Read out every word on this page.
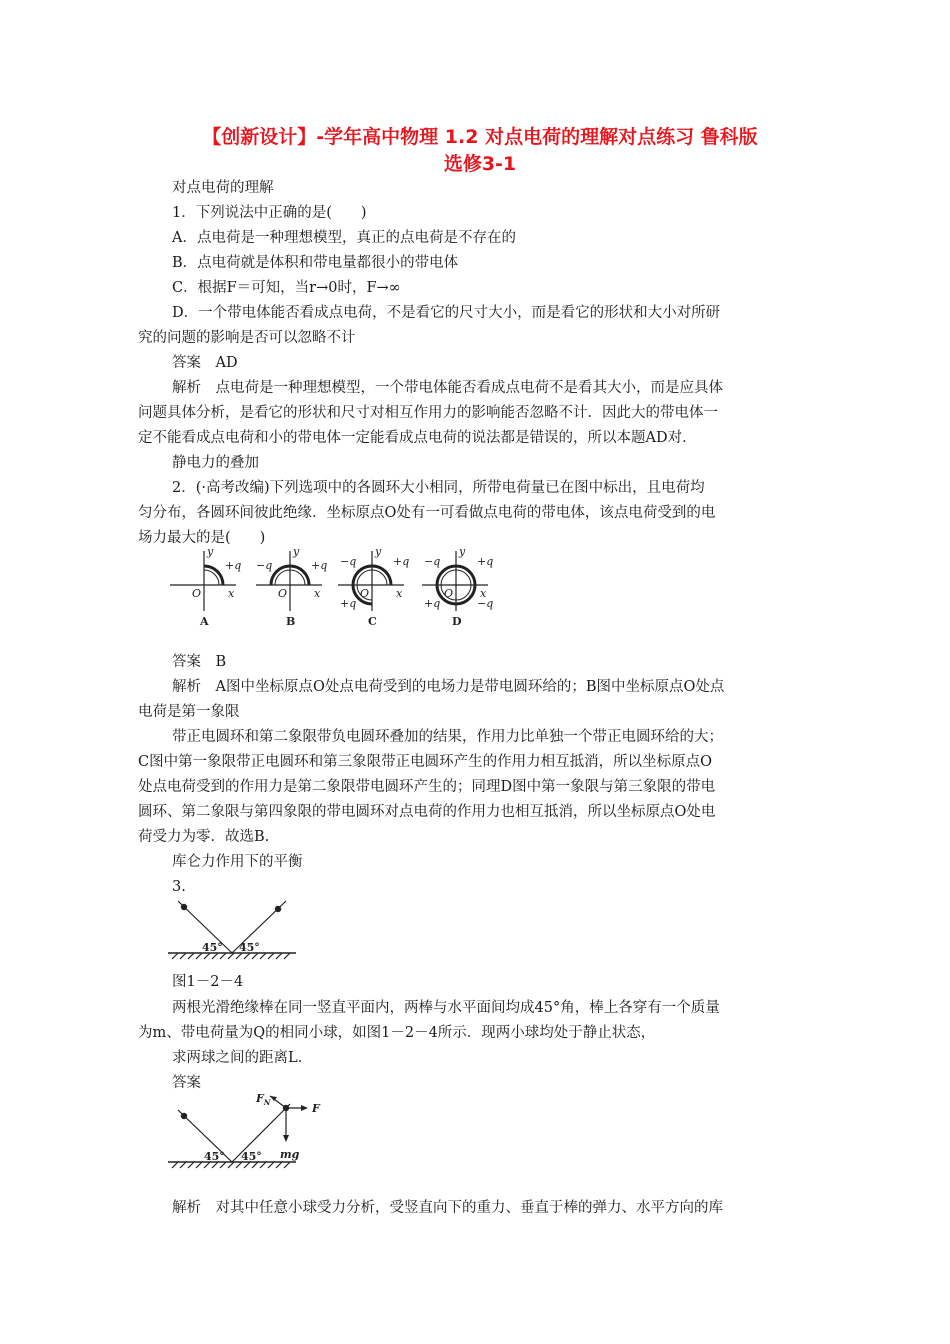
【创新设计】-学年高中物理 1.2 对点电荷的理解对点练习 鲁科版
选修3-1
对点电荷的理解
1．下列说法中正确的是(　　)
A．点电荷是一种理想模型，真正的点电荷是不存在的
B．点电荷就是体积和带电量都很小的带电体
C．根据F＝可知，当r→0时，F→∞
D．一个带电体能否看成点电荷，不是看它的尺寸大小，而是看它的形状和大小对所研
究的问题的影响是否可以忽略不计
答案　AD
解析　点电荷是一种理想模型，一个带电体能否看成点电荷不是看其大小，而是应具体
问题具体分析，是看它的形状和尺寸对相互作用力的影响能否忽略不计．因此大的带电体一
定不能看成点电荷和小的带电体一定能看成点电荷的说法都是错误的，所以本题AD对．
静电力的叠加
2．(·高考改编)下列选项中的各圆环大小相同，所带电荷量已在图中标出，且电荷均
匀分布，各圆环间彼此绝缘．坐标原点O处有一可看做点电荷的带电体，该点电荷受到的电
场力最大的是(　　)
x
y
O
+q
x
y
O
−q	+q
x
y
O
−q	+q
+q
x
y
O
−q	+q
+q	−q
A	B	C	D
答案　B
解析　A图中坐标原点O处点电荷受到的电场力是带电圆环给的；B图中坐标原点O处点
电荷是第一象限
带正电圆环和第二象限带负电圆环叠加的结果，作用力比单独一个带正电圆环给的大；
C图中第一象限带正电圆环和第三象限带正电圆环产生的作用力相互抵消，所以坐标原点O
处点电荷受到的作用力是第二象限带电圆环产生的；同理D图中第一象限与第三象限的带电
圆环、第二象限与第四象限的带电圆环对点电荷的作用力也相互抵消，所以坐标原点O处电
荷受力为零．故选B.
库仑力作用下的平衡
3.
45° 45°
图1－2－4
两根光滑绝缘棒在同一竖直平面内，两棒与水平面间均成45°角，棒上各穿有一个质量
为m、带电荷量为Q的相同小球，如图1－2－4所示．现两小球均处于静止状态，
求两球之间的距离L.
答案
45° 45°
$F_N$	F
mg
解析　对其中任意小球受力分析，受竖直向下的重力、垂直于棒的弹力、水平方向的库
